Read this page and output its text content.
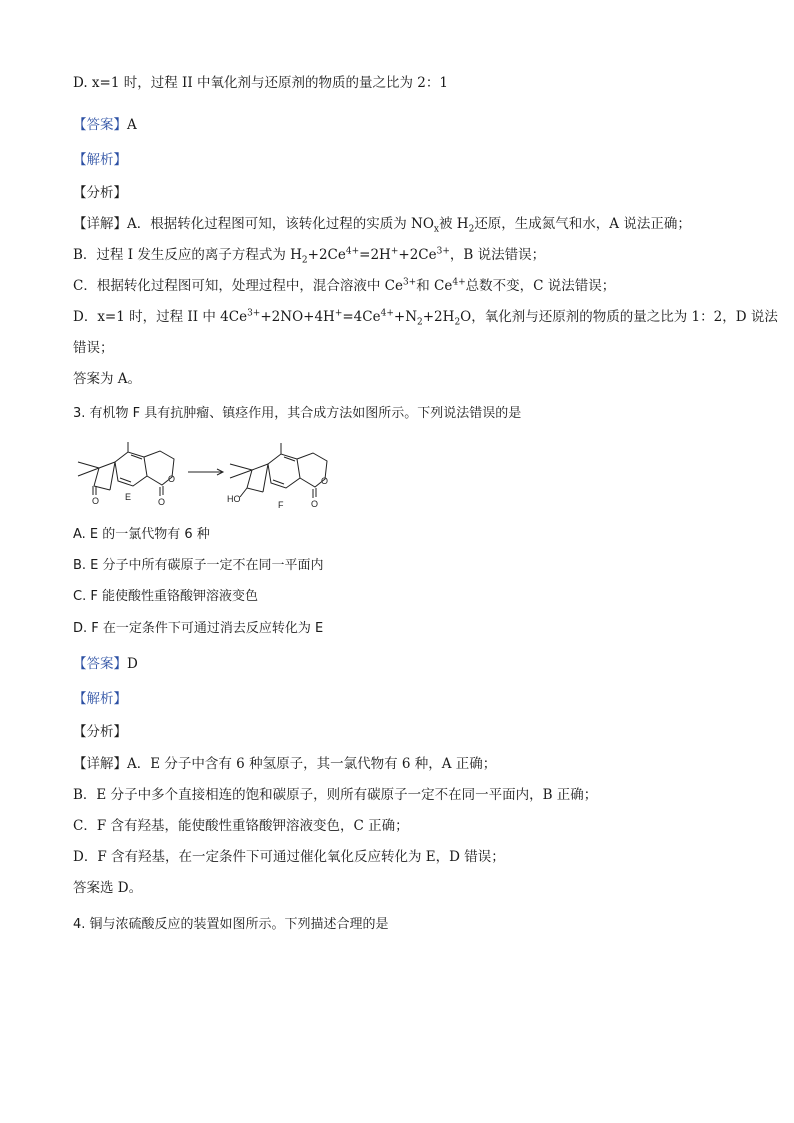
D. x=1 时，过程 II 中氧化剂与还原剂的物质的量之比为 2：1
【答案】A
【解析】
【分析】
【详解】A．根据转化过程图可知，该转化过程的实质为 $NO_x$被 $H_2$还原，生成氮气和水，A 说法正确；
B．过程 I 发生反应的离子方程式为 $H_2+2Ce^{4+}=2H^++2Ce^{3+}$，B 说法错误；
C．根据转化过程图可知，处理过程中，混合溶液中 $Ce^{3+}$和 $Ce^{4+}$总数不变，C 说法错误；
D．x=1 时，过程 II 中 $4Ce^{3+}+2NO+4H^+=4Ce^{4+}+N_2+2H_2O$，氧化剂与还原剂的物质的量之比为 1：2，D 说法
错误；
答案为 A。
3. 有机物 F 具有抗肿瘤、镇痉作用，其合成方法如图所示。下列说法错误的是
O
O
O
E	HO
O
O
F
A. E 的一氯代物有 6 种
B. E 分子中所有碳原子一定不在同一平面内
C. F 能使酸性重铬酸钾溶液变色
D. F 在一定条件下可通过消去反应转化为 E
【答案】D
【解析】
【分析】
【详解】A．E 分子中含有 6 种氢原子，其一氯代物有 6 种，A 正确；
B．E 分子中多个直接相连的饱和碳原子，则所有碳原子一定不在同一平面内，B 正确；
C．F 含有羟基，能使酸性重铬酸钾溶液变色，C 正确；
D．F 含有羟基，在一定条件下可通过催化氧化反应转化为 E，D 错误；
答案选 D。
4. 铜与浓硫酸反应的装置如图所示。下列描述合理的是
